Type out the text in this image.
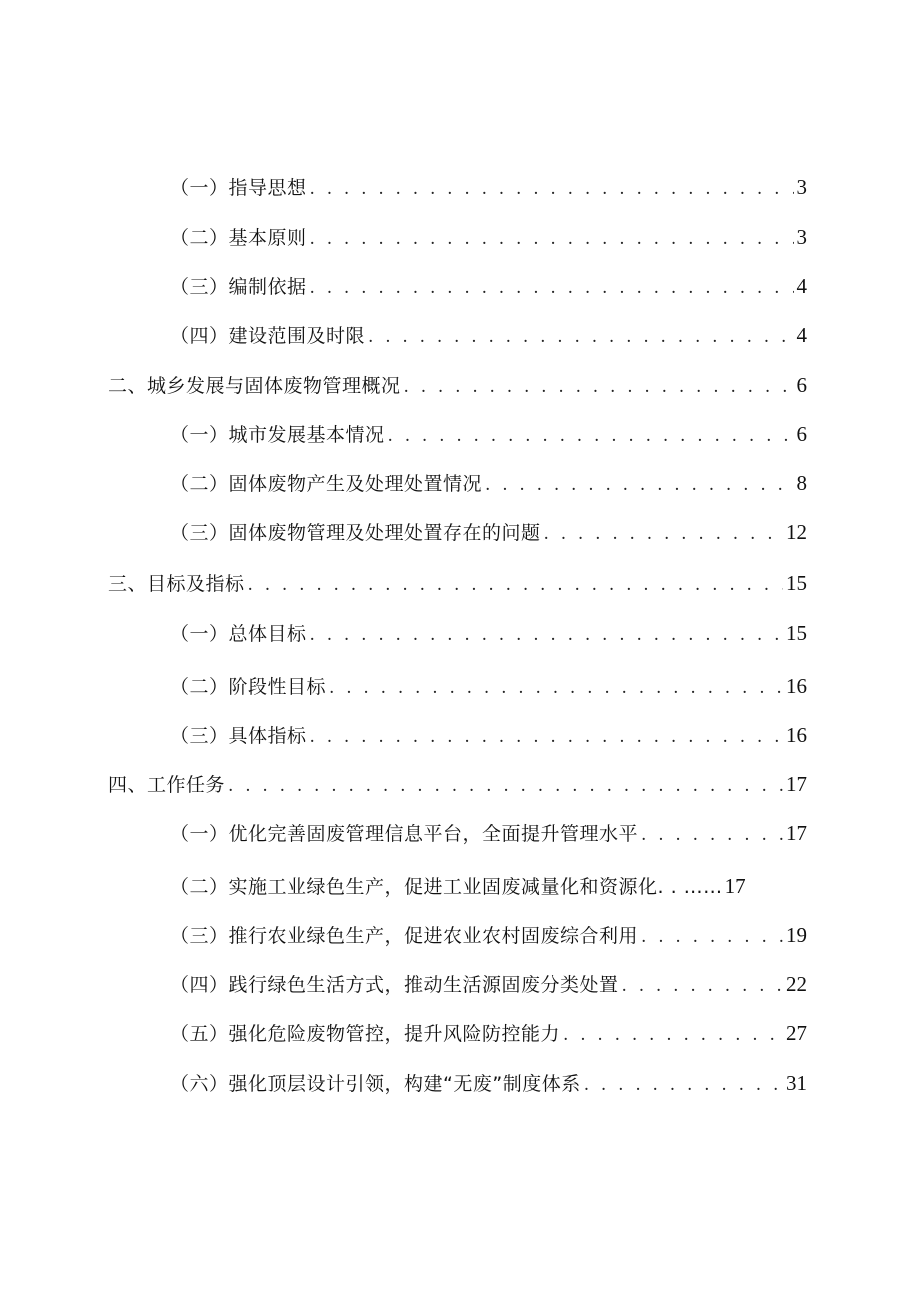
（一）指导思想 . . .	3
（二）基本原则 . . .	3
（三）编制依据 . . .	4
（四）建设范围及时限 . . .	4
二、城乡发展与固体废物管理概况 . . .	6
（一）城市发展基本情况 . . .	6
（二）固体废物产生及处理处置情况 . . .	8
（三）固体废物管理及处理处置存在的问题 . . .	12
三、目标及指标 . . .	15
（一）总体目标 . . .	15
（二）阶段性目标 . . .	16
（三）具体指标 . . .	16
四、工作任务 . . .	17
（一）优化完善固废管理信息平台，全面提升管理水平 . . .	17
（二）实施工业绿色生产，促进工业固废减量化和资源化. . …… 17
（三）推行农业绿色生产，促进农业农村固废综合利用 . . .	19
（四）践行绿色生活方式，推动生活源固废分类处置 . . .	22
（五）强化危险废物管控，提升风险防控能力 . . .	27
（六）强化顶层设计引领，构建“无废”制度体系 . . .	31
